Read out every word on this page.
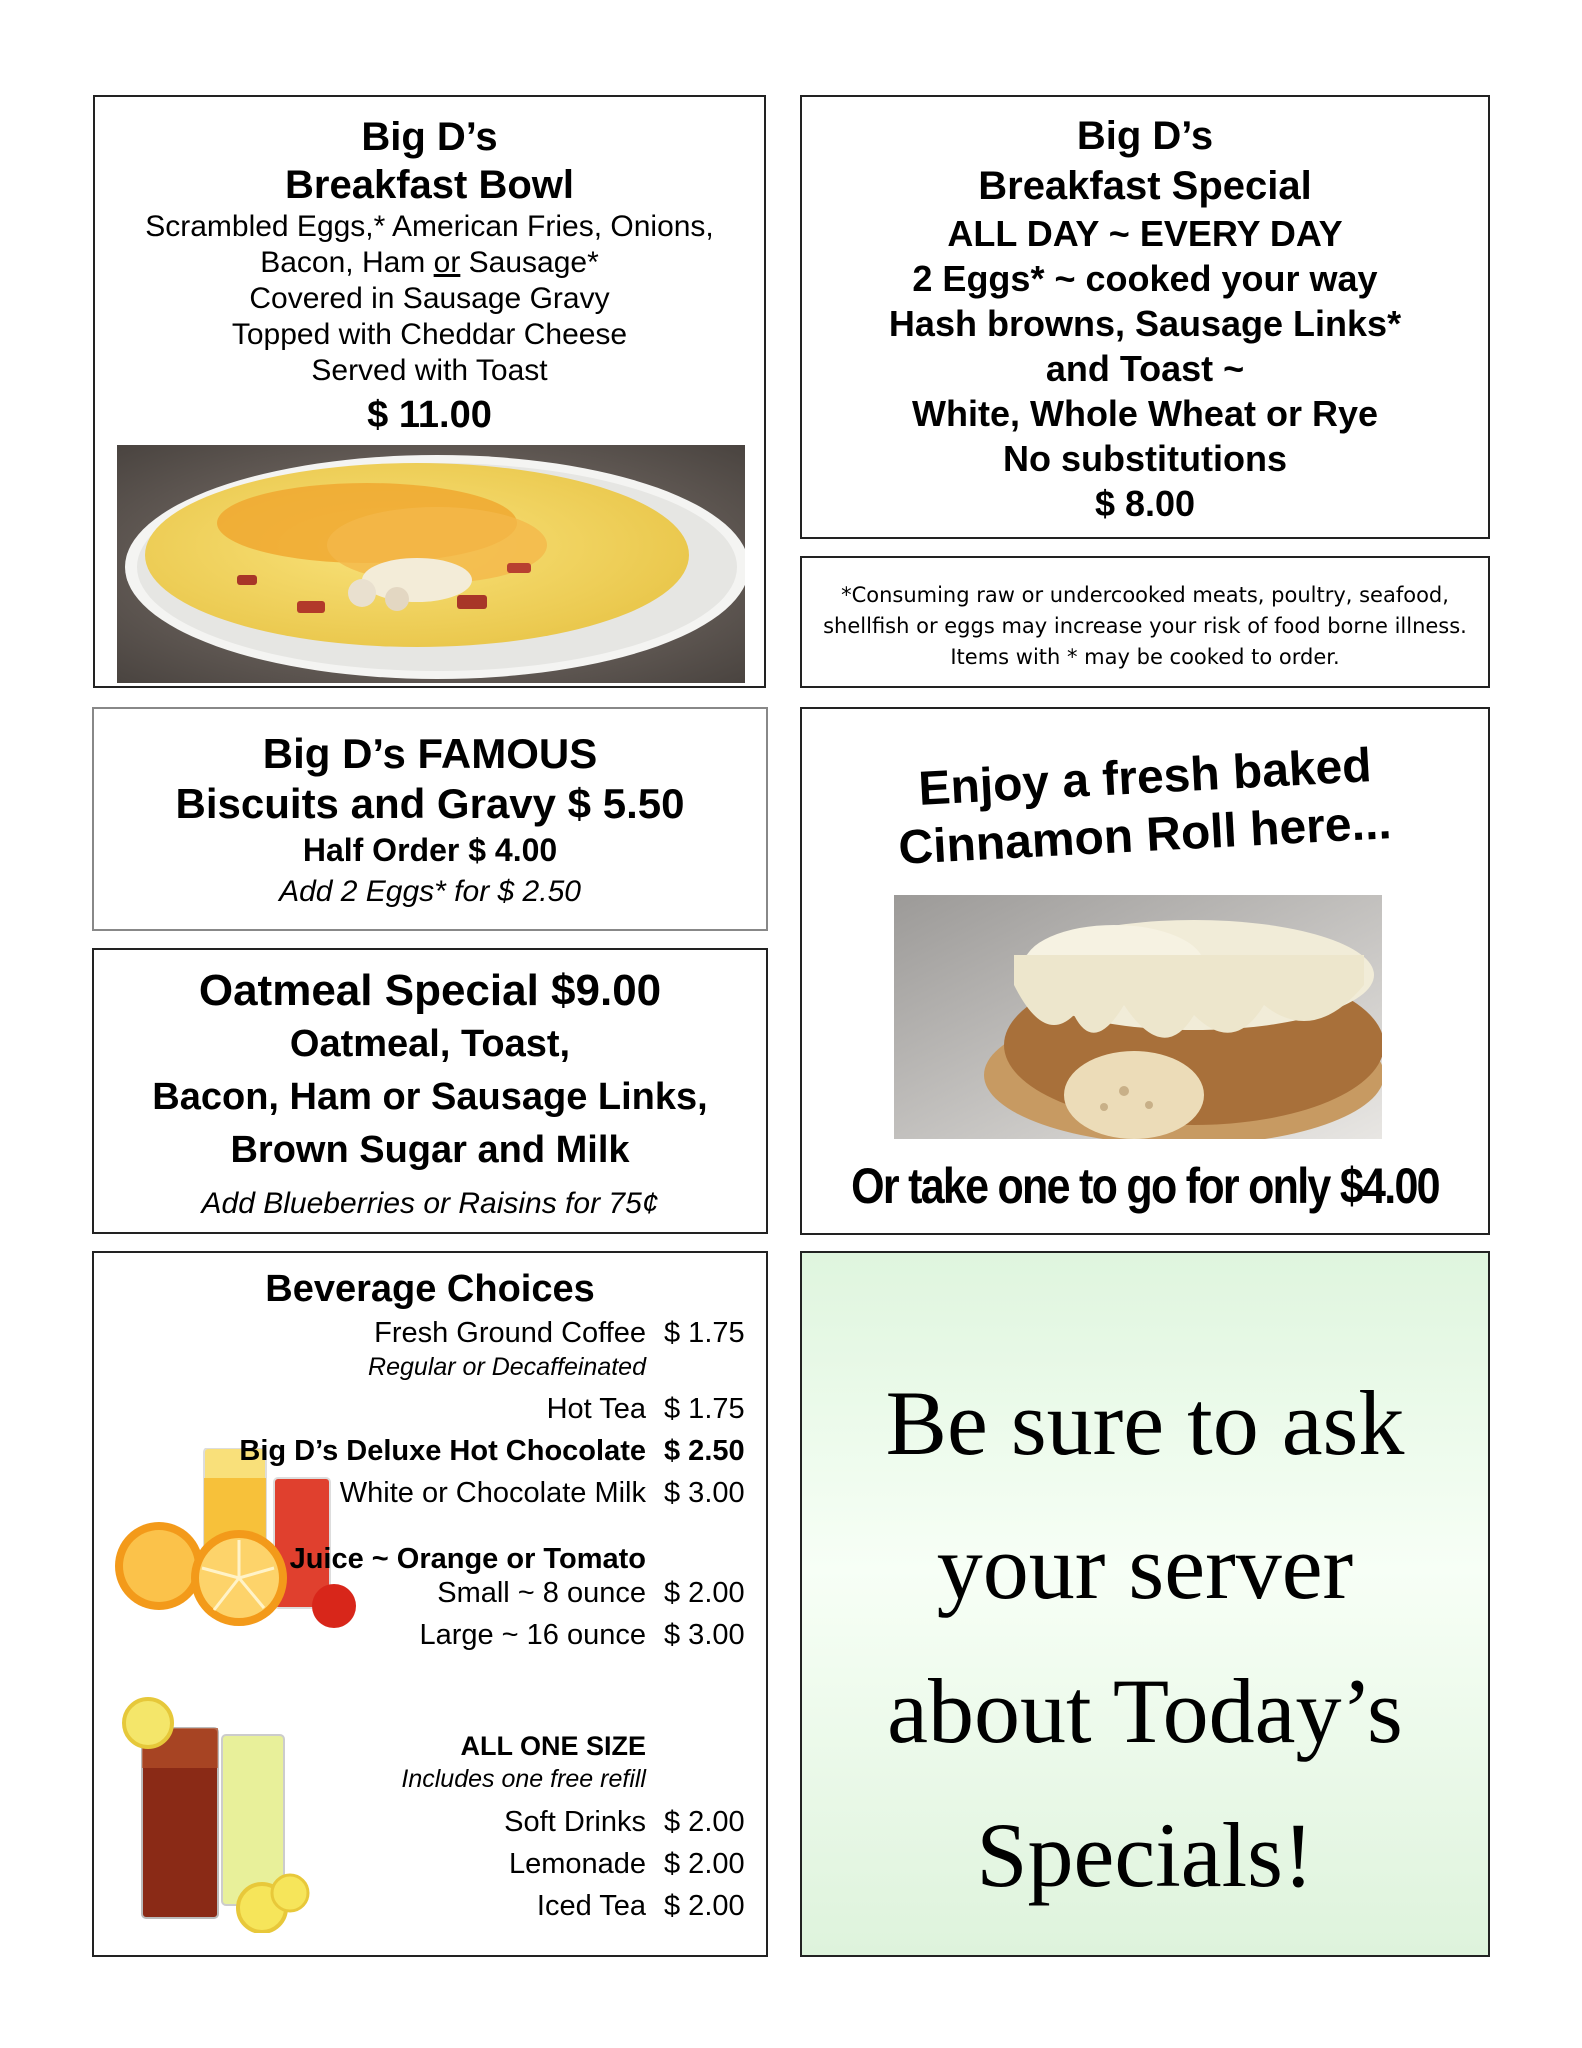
Big D’s
Breakfast Bowl
Scrambled Eggs,* American Fries, Onions,
Bacon, Ham or Sausage*
Covered in Sausage Gravy
Topped with Cheddar Cheese
Served with Toast
$ 11.00
Big D’s
Breakfast Special
ALL DAY ~ EVERY DAY
2 Eggs* ~ cooked your way
Hash browns, Sausage Links*
and Toast ~
White, Whole Wheat or Rye
No substitutions
$ 8.00
*Consuming raw or undercooked meats, poultry, seafood,
shellfish or eggs may increase your risk of food borne illness.
Items with * may be cooked to order.
Big D’s FAMOUS
Biscuits and Gravy $ 5.50
Half Order $ 4.00
Add 2 Eggs* for $ 2.50
Enjoy a fresh baked
Cinnamon Roll here...
Or take one to go for only $4.00
Oatmeal Special $9.00
Oatmeal, Toast,
Bacon, Ham or Sausage Links,
Brown Sugar and Milk
Add Blueberries or Raisins for 75¢
Beverage Choices
Fresh Ground Coffee $ 1.75
Regular or Decaffeinated
Hot Tea $ 1.75
Big D’s Deluxe Hot Chocolate $ 2.50
White or Chocolate Milk $ 3.00
Juice ~ Orange or Tomato
Small ~ 8 ounce $ 2.00
Large ~ 16 ounce $ 3.00
ALL ONE SIZE
Includes one free refill
Soft Drinks $ 2.00
Lemonade $ 2.00
Iced Tea $ 2.00
Be sure to ask
your server
about Today’s
Specials!
